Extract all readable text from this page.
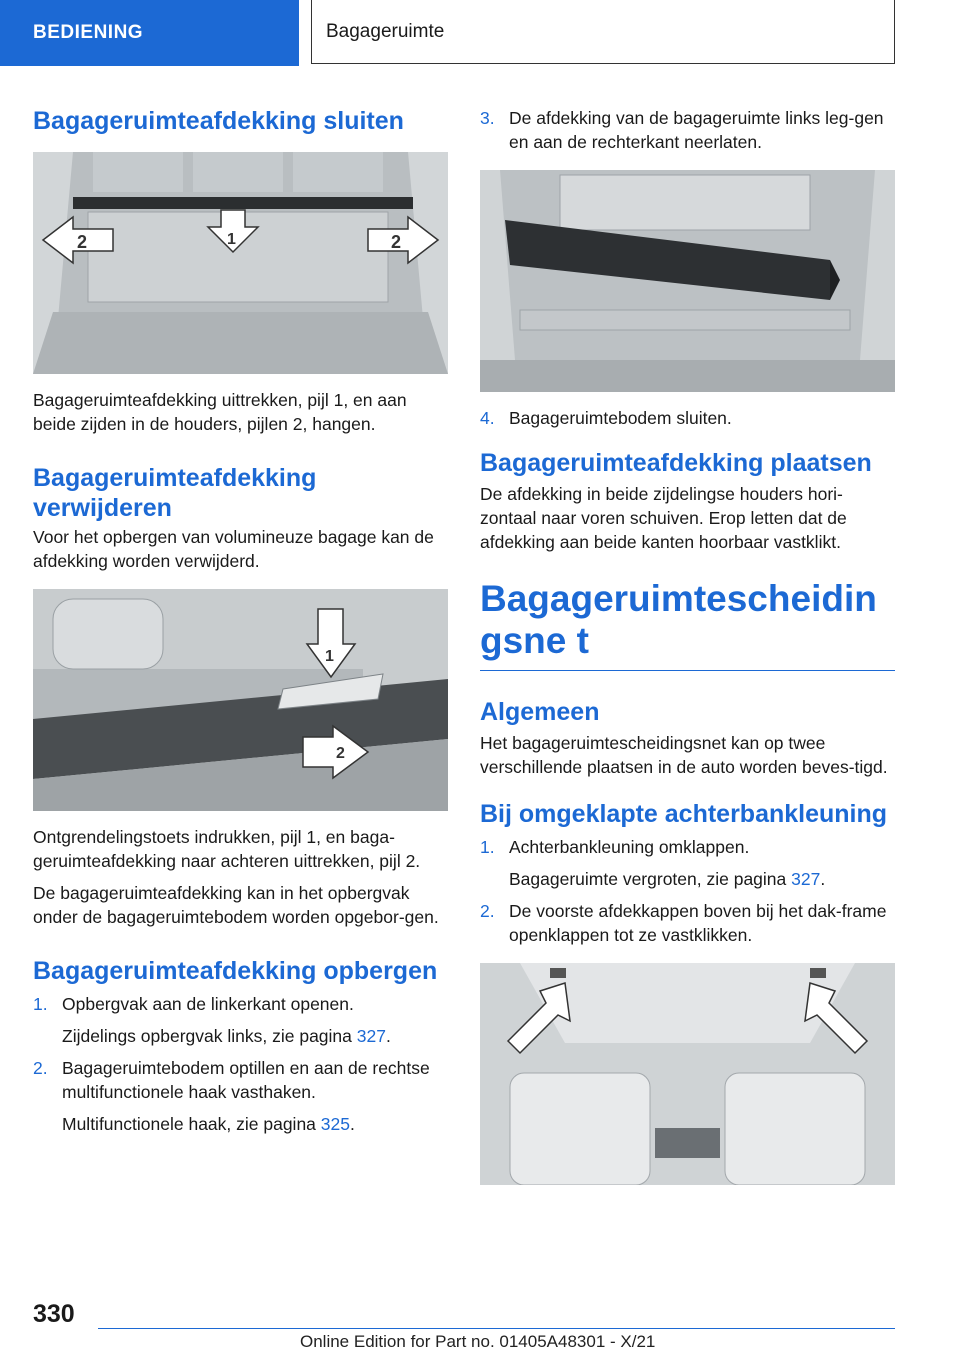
BEDIENING	Bagageruimte
Bagageruimteafdekking sluiten
2	1	2

Bagageruimteafdekking uittrekken, pijl 1, en aan beide zijden in de houders, pijlen 2, hangen.

Bagageruimteafdekking verwijderen

Voor het opbergen van volumineuze bagage kan de afdekking worden verwijderd.

1
2

Ontgrendelingstoets indrukken, pijl 1, en baga-geruimteafdekking naar achteren uittrekken, pijl 2.

De bagageruimteafdekking kan in het opbergvak onder de bagageruimtebodem worden opgebor-gen.

Bagageruimteafdekking opbergen
1. Opbergvak aan de linkerkant openen.
Zijdelings opbergvak links, zie pagina 327.
2. Bagageruimtebodem optillen en aan de rechtse multifunctionele haak vasthaken.
Multifunctionele haak, zie pagina 325.
3. De afdekking van de bagageruimte links leg-gen en aan de rechterkant neerlaten.
4. Bagageruimtebodem sluiten.
Bagageruimteafdekking plaatsen

De afdekking in beide zijdelingse houders hori-zontaal naar voren schuiven. Erop letten dat de afdekking aan beide kanten hoorbaar vastklikt.

Bagageruimtescheidingsne t
Algemeen

Het bagageruimtescheidingsnet kan op twee verschillende plaatsen in de auto worden beves-tigd.

Bij omgeklapte achterbankleuning
1. Achterbankleuning omklappen.
Bagageruimte vergroten, zie pagina 327.
2. De voorste afdekkappen boven bij het dak-frame openklappen tot ze vastklikken.
330
Online Edition for Part no. 01405A48301 - X/21
